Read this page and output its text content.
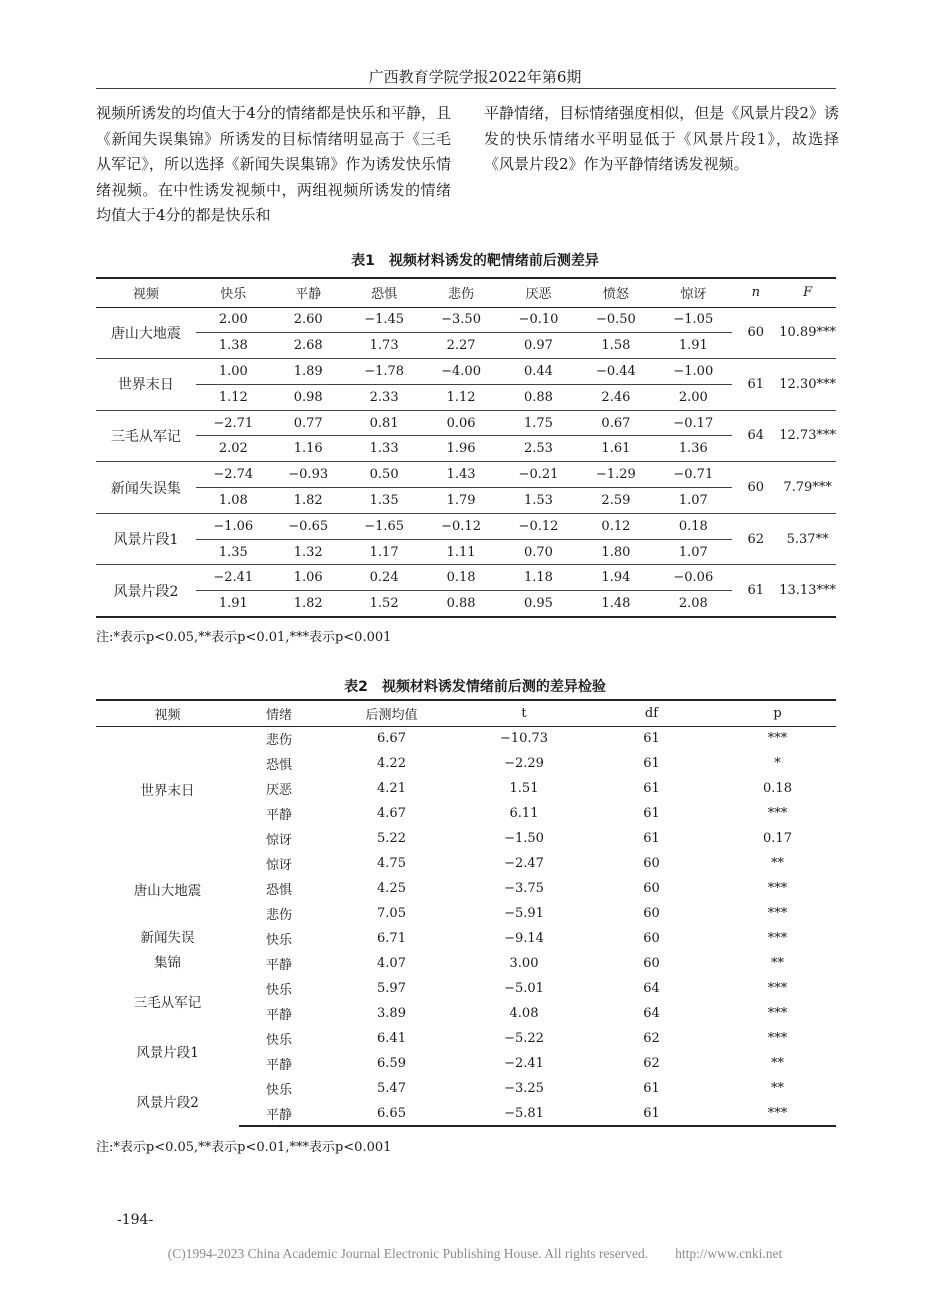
广西教育学院学报2022年第6期

视频所诱发的均值大于4分的情绪都是快乐和平静，且《新闻失误集锦》所诱发的目标情绪明显高于《三毛从军记》，所以选择《新闻失误集锦》作为诱发快乐情绪视频。在中性诱发视频中，两组视频所诱发的情绪均值大于4分的都是快乐和

平静情绪，目标情绪强度相似，但是《风景片段2》诱发的快乐情绪水平明显低于《风景片段1》，故选择《风景片段2》作为平静情绪诱发视频。

表1　视频材料诱发的靶情绪前后测差异
视频	快乐	平静	恐惧	悲伤	厌恶	愤怒	惊讶	n	F
唐山大地震	2.00	2.60	−1.45	−3.50	−0.10	−0.50	−1.05	60	10.89***
	1.38	2.68	1.73	2.27	0.97	1.58	1.91		
世界末日	1.00	1.89	−1.78	−4.00	0.44	−0.44	−1.00	61	12.30***
	1.12	0.98	2.33	1.12	0.88	2.46	2.00		
三毛从军记	−2.71	0.77	0.81	0.06	1.75	0.67	−0.17	64	12.73***
	2.02	1.16	1.33	1.96	2.53	1.61	1.36		
新闻失误集	−2.74	−0.93	0.50	1.43	−0.21	−1.29	−0.71	60	7.79***
	1.08	1.82	1.35	1.79	1.53	2.59	1.07		
风景片段1	−1.06	−0.65	−1.65	−0.12	−0.12	0.12	0.18	62	5.37**
	1.35	1.32	1.17	1.11	0.70	1.80	1.07		
风景片段2	−2.41	1.06	0.24	0.18	1.18	1.94	−0.06	61	13.13***
	1.91	1.82	1.52	0.88	0.95	1.48	2.08		
注:*表示p<0.05,**表示p<0.01,***表示p<0.001
表2　视频材料诱发情绪前后测的差异检验
视频	情绪	后测均值	t	df	p
世界末日	悲伤	6.67	−10.73	61	***
	恐惧	4.22	−2.29	61	*
	厌恶	4.21	1.51	61	0.18
	平静	4.67	6.11	61	***
	惊讶	5.22	−1.50	61	0.17
唐山大地震	惊讶	4.75	−2.47	60	**
	恐惧	4.25	−3.75	60	***
	悲伤	7.05	−5.91	60	***

新闻失误集锦	快乐	6.71	−9.14	60	***
	平静	4.07	3.00	60	**
三毛从军记	快乐	5.97	−5.01	64	***
	平静	3.89	4.08	64	***
风景片段1	快乐	6.41	−5.22	62	***
	平静	6.59	−2.41	62	**
风景片段2	快乐	5.47	−3.25	61	**
	平静	6.65	−5.81	61	***
注:*表示p<0.05,**表示p<0.01,***表示p<0.001
-194-
(C)1994-2023 China Academic Journal Electronic Publishing House. All rights reserved.　　http://www.cnki.net
